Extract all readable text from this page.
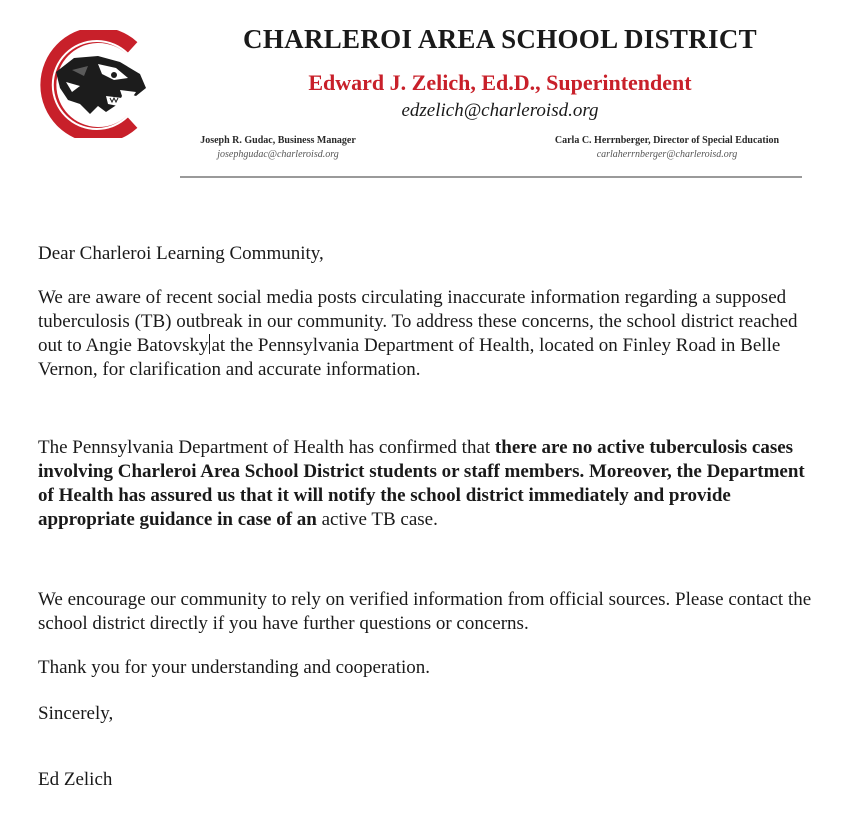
CHARLEROI AREA SCHOOL DISTRICT
Edward J. Zelich, Ed.D., Superintendent
edzelich@charleroisd.org
Joseph R. Gudac, Business Manager
josephgudac@charleroisd.org
Carla C. Herrnberger, Director of Special Education
carlaherrnberger@charleroisd.org

Dear Charleroi Learning Community,

We are aware of recent social media posts circulating inaccurate information regarding a supposed tuberculosis (TB) outbreak in our community. To address these concerns, the school district reached out to Angie Batovsky at the Pennsylvania Department of Health, located on Finley Road in Belle Vernon, for clarification and accurate information.

The Pennsylvania Department of Health has confirmed that there are no active tuberculosis cases involving Charleroi Area School District students or staff members. Moreover, the Department of Health has assured us that it will notify the school district immediately and provide appropriate guidance in case of an active TB case.

We encourage our community to rely on verified information from official sources. Please contact the school district directly if you have further questions or concerns.

Thank you for your understanding and cooperation.

Sincerely,

Ed Zelich
